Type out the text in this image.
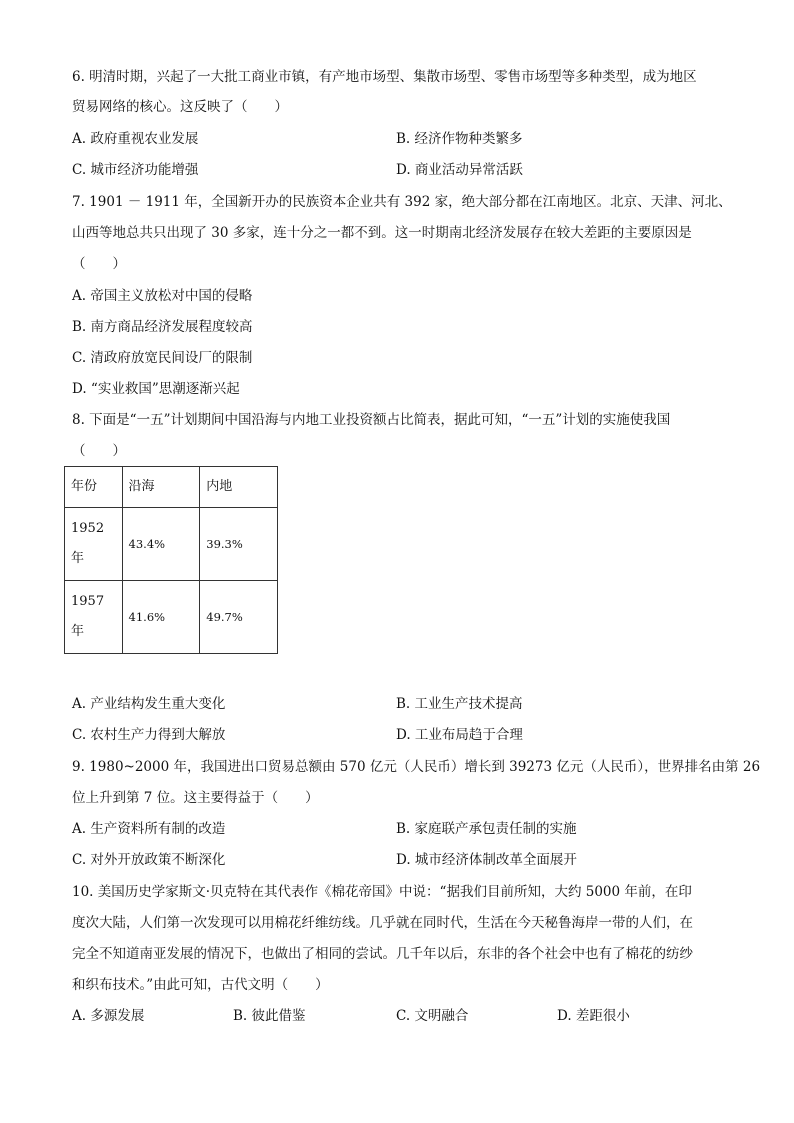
6. 明清时期，兴起了一大批工商业市镇，有产地市场型、集散市场型、零售市场型等多种类型，成为地区
贸易网络的核心。这反映了（　　）
A. 政府重视农业发展	B. 经济作物种类繁多
C. 城市经济功能增强	D. 商业活动异常活跃
7. 1901 － 1911 年，全国新开办的民族资本企业共有 392 家，绝大部分都在江南地区。北京、天津、河北、
山西等地总共只出现了 30 多家，连十分之一都不到。这一时期南北经济发展存在较大差距的主要原因是
（　　）
A. 帝国主义放松对中国的侵略
B. 南方商品经济发展程度较高
C. 清政府放宽民间设厂的限制
D. “实业救国”思潮逐渐兴起
8. 下面是“一五”计划期间中国沿海与内地工业投资额占比简表，据此可知，“一五”计划的实施使我国
（　　）
年份	沿海	内地
1952 年	43.4%	39.3%
1957 年	41.6%	49.7%
A. 产业结构发生重大变化	B. 工业生产技术提高
C. 农村生产力得到大解放	D. 工业布局趋于合理
9. 1980~2000 年，我国进出口贸易总额由 570 亿元（人民币）增长到 39273 亿元（人民币），世界排名由第 26
位上升到第 7 位。这主要得益于（　　）
A. 生产资料所有制的改造	B. 家庭联产承包责任制的实施
C. 对外开放政策不断深化	D. 城市经济体制改革全面展开
10. 美国历史学家斯文·贝克特在其代表作《棉花帝国》中说：“据我们目前所知，大约 5000 年前，在印
度次大陆，人们第一次发现可以用棉花纤维纺线。几乎就在同时代，生活在今天秘鲁海岸一带的人们，在
完全不知道南亚发展的情况下，也做出了相同的尝试。几千年以后，东非的各个社会中也有了棉花的纺纱
和织布技术。”由此可知，古代文明（　　）
A. 多源发展	B. 彼此借鉴	C. 文明融合	D. 差距很小
